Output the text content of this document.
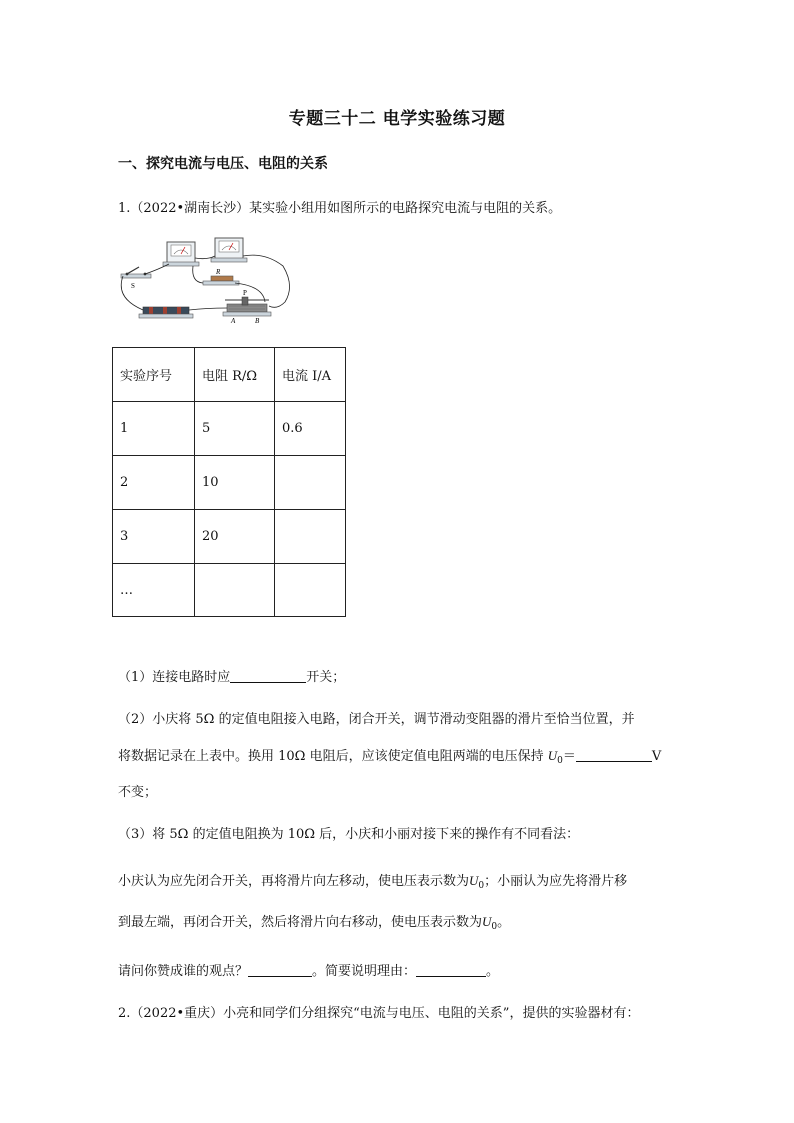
专题三十二 电学实验练习题
一、探究电流与电压、电阻的关系
1.（2022•湖南长沙）某实验小组用如图所示的电路探究电流与电阻的关系。
S
R
P
A	B
实验序号	电阻 R/Ω	电流 I/A
1	5	0.6
2	10	
3	20	
…		
（1）连接电路时应	开关；
（2）小庆将 5Ω 的定值电阻接入电路，闭合开关，调节滑动变阻器的滑片至恰当位置，并
将数据记录在上表中。换用 10Ω 电阻后，应该使定值电阻两端的电压保持 $U_0=$	V
不变；
（3）将 5Ω 的定值电阻换为 10Ω 后，小庆和小丽对接下来的操作有不同看法：
小庆认为应先闭合开关，再将滑片向左移动，使电压表示数为$U_0$；小丽认为应先将滑片移
到最左端，再闭合开关，然后将滑片向右移动，使电压表示数为$U_0$。
请问你赞成谁的观点？	。简要说明理由：	。
2.（2022•重庆）小亮和同学们分组探究“电流与电压、电阻的关系”，提供的实验器材有：
